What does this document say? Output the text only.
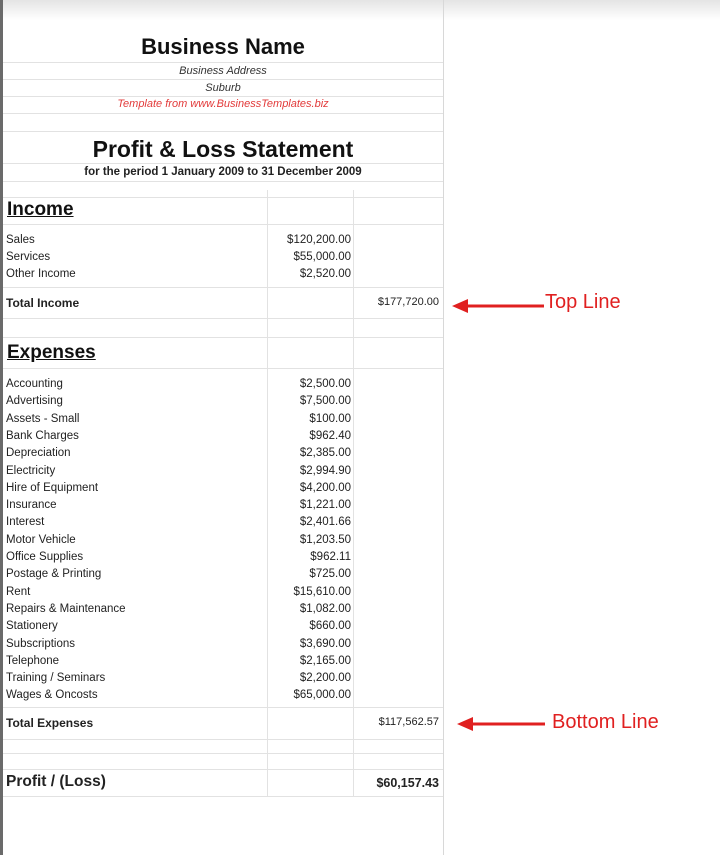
Business Name
Business Address
Suburb
Template from www.BusinessTemplates.biz
Profit & Loss Statement
for the period 1 January 2009 to 31 December 2009
Income
Sales	$120,200.00
Services	$55,000.00
Other Income	$2,520.00
Total Income	$177,720.00
Expenses
Accounting	$2,500.00
Advertising	$7,500.00
Assets - Small	$100.00
Bank Charges	$962.40
Depreciation	$2,385.00
Electricity	$2,994.90
Hire of Equipment	$4,200.00
Insurance	$1,221.00
Interest	$2,401.66
Motor Vehicle	$1,203.50
Office Supplies	$962.11
Postage & Printing	$725.00
Rent	$15,610.00
Repairs & Maintenance	$1,082.00
Stationery	$660.00
Subscriptions	$3,690.00
Telephone	$2,165.00
Training / Seminars	$2,200.00
Wages & Oncosts	$65,000.00
Total Expenses	$117,562.57
Profit / (Loss)	$60,157.43
Top Line
Bottom Line
